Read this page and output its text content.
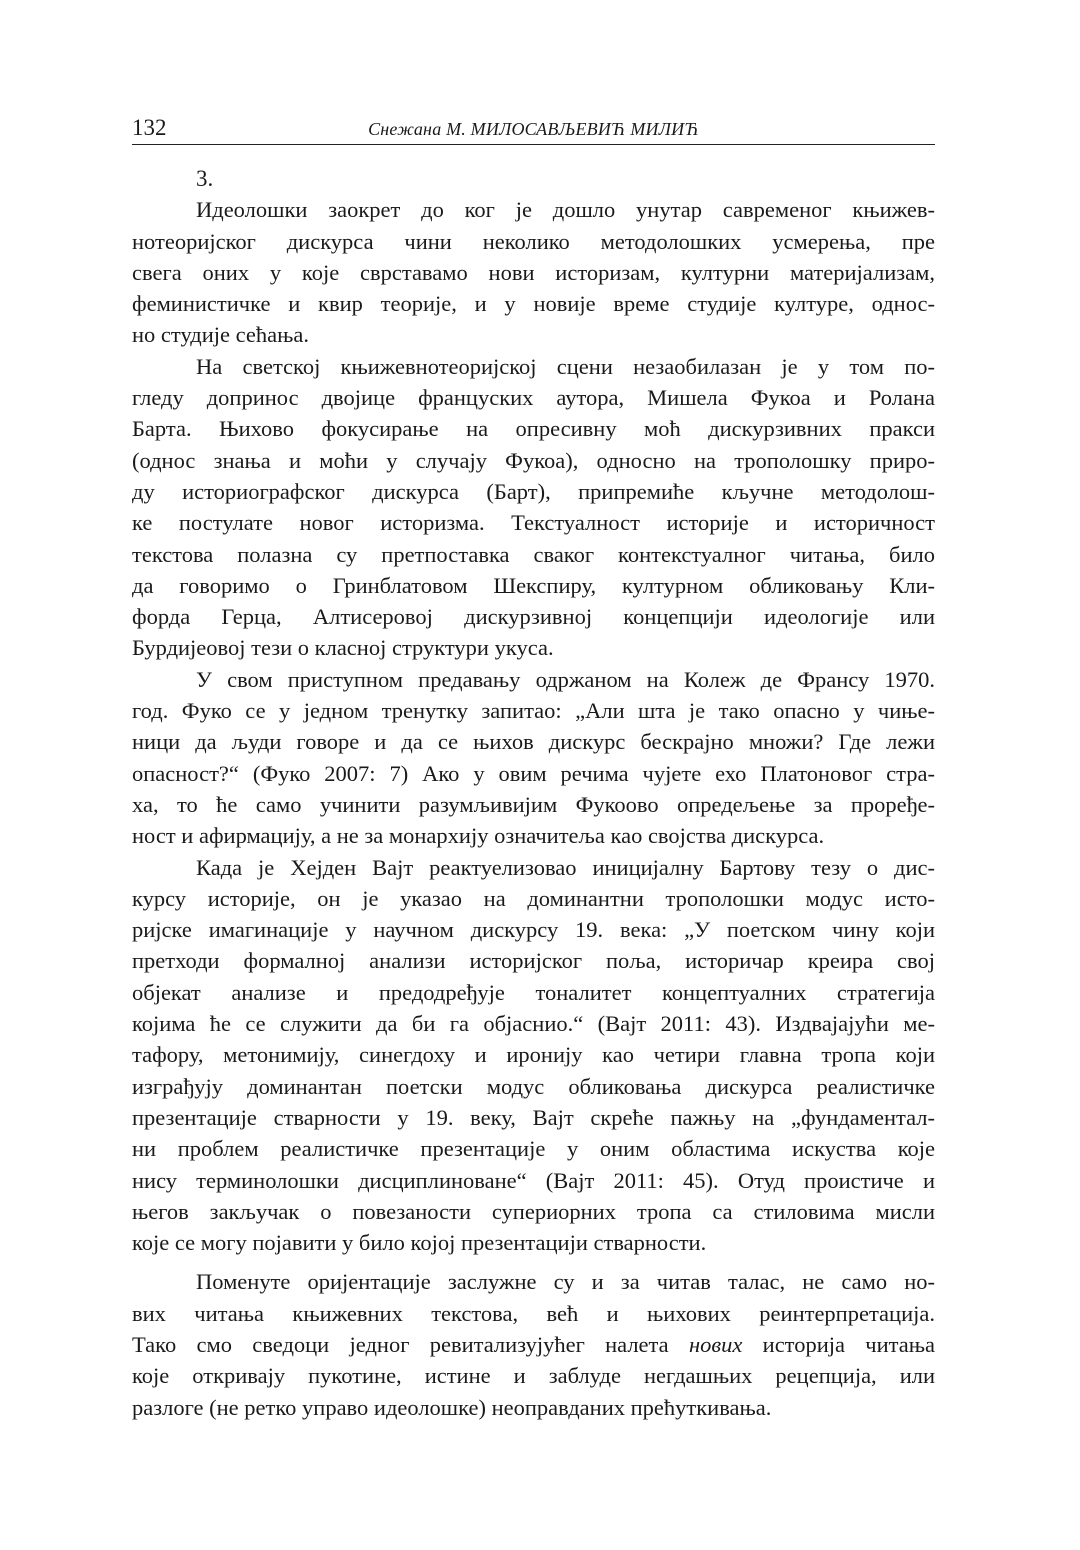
132	Снежана М. МИЛОСАВЉЕВИЋ МИЛИЋ

3.

Идеолошки заокрет до ког је дошло унутар савременог књижев-
нотеоријског дискурса чини неколико методолошких усмерења, пре
свега оних у које сврставамо нови историзам, културни материјализам,
феминистичке и квир теорије, и у новије време студије културе, однос-
но студије сећања.

На светској књижевнотеоријској сцени незаобилазан је у том по-
гледу допринос двојице француских аутора, Мишела Фукоа и Ролана
Барта. Њихово фокусирање на опресивну моћ дискурзивних пракси
(однос знања и моћи у случају Фукоа), односно на трополошку приро-
ду историографског дискурса (Барт), припремиће кључне методолош-
ке постулате новог историзма. Текстуалност историје и историчност
текстова полазна су претпоставка сваког контекстуалног читања, било
да говоримо о Гринблатовом Шекспиру, културном обликовању Кли-
форда Герца, Алтисеровој дискурзивној концепцији идеологије или
Бурдијеовој тези о класној структури укуса.

У свом приступном предавању одржаном на Колеж де Франсу 1970.
год. Фуко се у једном тренутку запитао: „Али шта је тако опасно у чиње-
ници да људи говоре и да се њихов дискурс бескрајно множи? Где лежи
опасност?“ (Фуко 2007: 7) Ако у овим речима чујете ехо Платоновог стра-
ха, то ће само учинити разумљивијим Фукоово опредељење за проређе-
ност и афирмацију, а не за монархију означитеља као својства дискурса.

Када је Хејден Вајт реактуелизовао иницијалну Бартову тезу о дис-
курсу историје, он је указао на доминантни трополошки модус исто-
ријске имагинације у научном дискурсу 19. века: „У поетском чину који
претходи формалној анализи историјског поља, историчар креира свој
објекат анализе и предодређује тоналитет концептуалних стратегија
којима ће се служити да би га објаснио.“ (Вајт 2011: 43). Издвајајући ме-
тафору, метонимију, синегдоху и иронију као четири главна тропа који
изграђују доминантан поетски модус обликовања дискурса реалистичке
презентације стварности у 19. веку, Вајт скреће пажњу на „фундаментал-
ни проблем реалистичке презентације у оним областима искуства које
нису терминолошки дисциплиноване“ (Вајт 2011: 45). Отуд проистиче и
његов закључак о повезаности супериорних тропа са стиловима мисли
које се могу појавити у било којој презентацији стварности.

Поменуте оријентације заслужне су и за читав талас, не само но-
вих читања књижевних текстова, већ и њихових реинтерпретација.
Тако смо сведоци једног ревитализујућег налета нових историја читања
које откривају пукотине, истине и заблуде негдашњих рецепција, или
разлоге (не ретко управо идеолошке) неоправданих прећуткивања.
